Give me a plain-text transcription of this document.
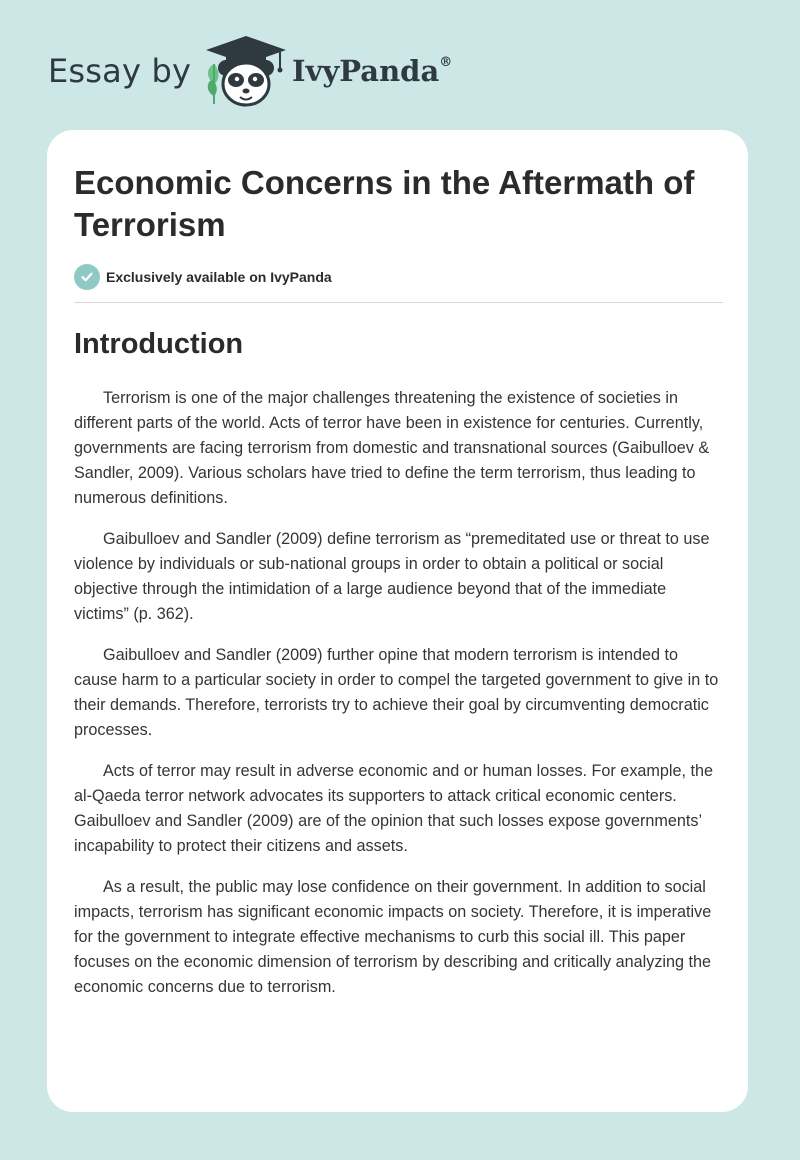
Essay by	IvyPanda®
Economic Concerns in the Aftermath of Terrorism
Exclusively available on IvyPanda
Introduction

Terrorism is one of the major challenges threatening the existence of societies in different parts of the world. Acts of terror have been in existence for centuries. Currently, governments are facing terrorism from domestic and transnational sources (Gaibulloev & Sandler, 2009). Various scholars have tried to define the term terrorism, thus leading to numerous definitions.

Gaibulloev and Sandler (2009) define terrorism as “premeditated use or threat to use violence by individuals or sub-national groups in order to obtain a political or social objective through the intimidation of a large audience beyond that of the immediate victims” (p. 362).

Gaibulloev and Sandler (2009) further opine that modern terrorism is intended to cause harm to a particular society in order to compel the targeted government to give in to their demands. Therefore, terrorists try to achieve their goal by circumventing democratic processes.

Acts of terror may result in adverse economic and or human losses. For example, the al-Qaeda terror network advocates its supporters to attack critical economic centers. Gaibulloev and Sandler (2009) are of the opinion that such losses expose governments’ incapability to protect their citizens and assets.

As a result, the public may lose confidence on their government. In addition to social impacts, terrorism has significant economic impacts on society. Therefore, it is imperative for the government to integrate effective mechanisms to curb this social ill. This paper focuses on the economic dimension of terrorism by describing and critically analyzing the economic concerns due to terrorism.
